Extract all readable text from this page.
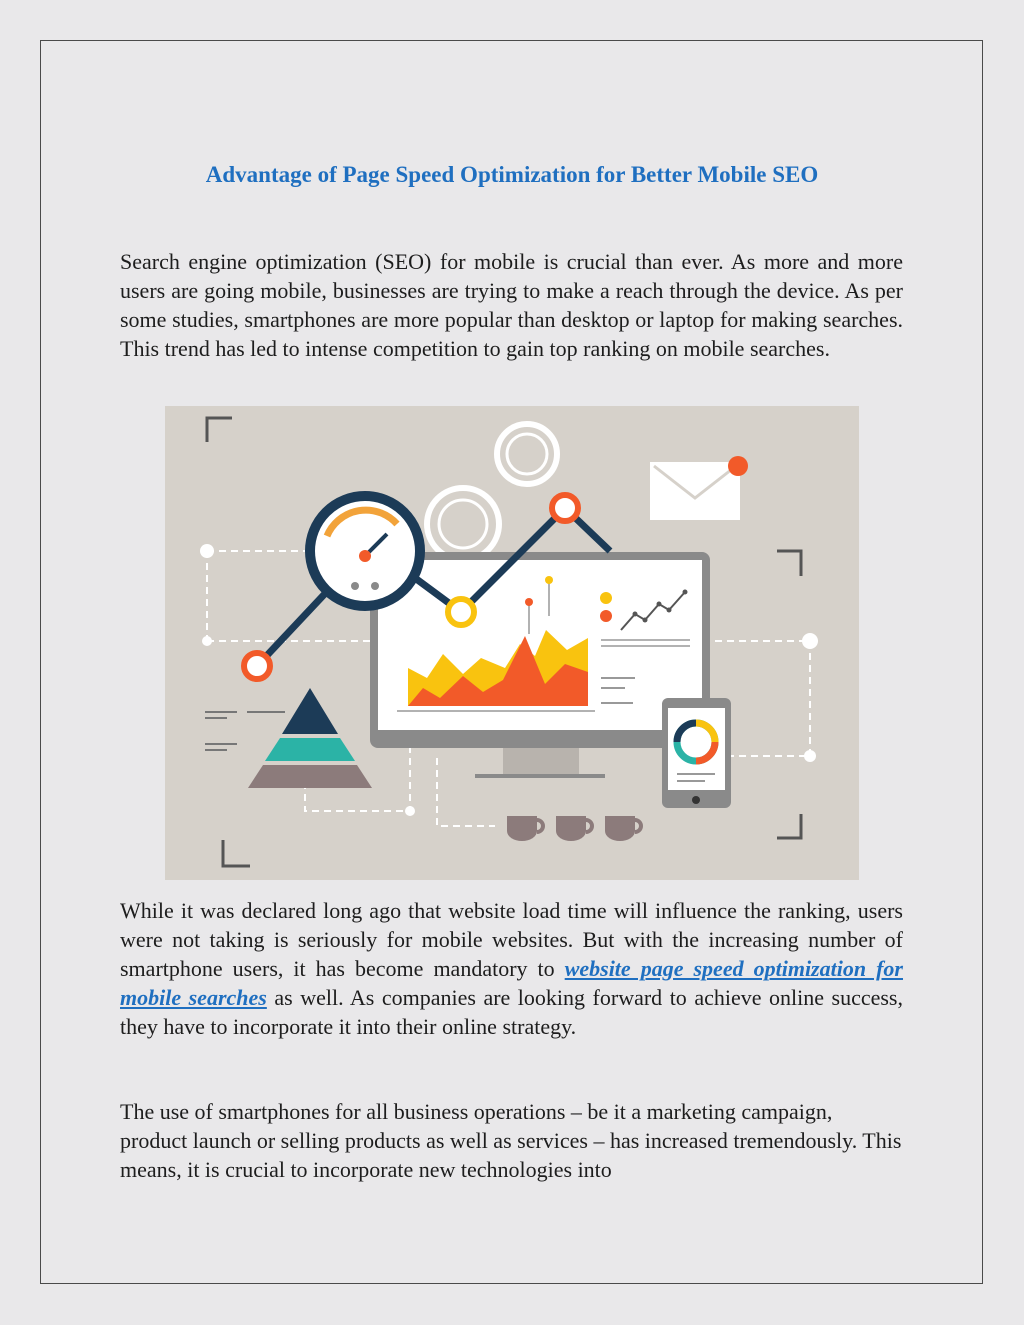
Advantage of Page Speed Optimization for Better Mobile SEO

Search engine optimization (SEO) for mobile is crucial than ever. As more and more users are going mobile, businesses are trying to make a reach through the device. As per some studies, smartphones are more popular than desktop or laptop for making searches. This trend has led to intense competition to gain top ranking on mobile searches.

While it was declared long ago that website load time will influence the ranking, users were not taking is seriously for mobile websites. But with the increasing number of smartphone users, it has become mandatory to website page speed optimization for mobile searches as well. As companies are looking forward to achieve online success, they have to incorporate it into their online strategy.

The use of smartphones for all business operations – be it a marketing campaign, product launch or selling products as well as services – has increased tremendously. This means, it is crucial to incorporate new technologies into
